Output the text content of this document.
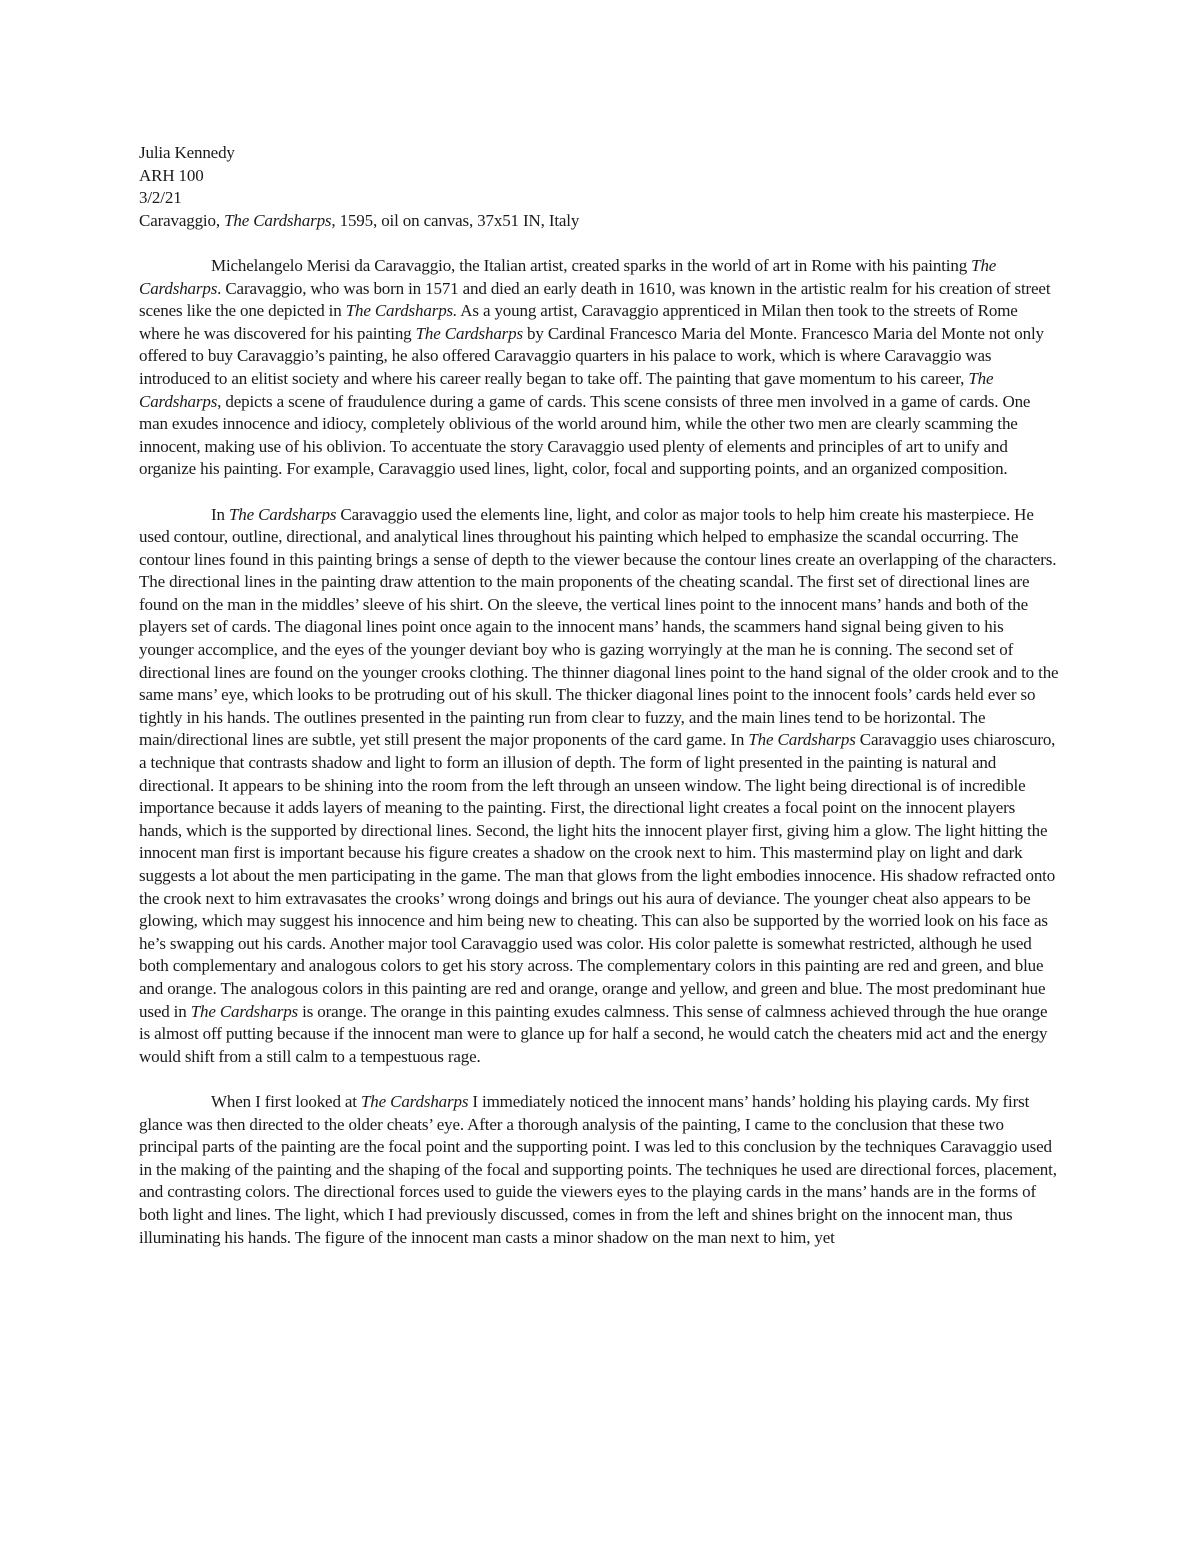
Julia Kennedy

ARH 100

3/2/21

Caravaggio, The Cardsharps, 1595, oil on canvas, 37x51 IN, Italy

Michelangelo Merisi da Caravaggio, the Italian artist, created sparks in the world of art in Rome with his painting The Cardsharps. Caravaggio, who was born in 1571 and died an early death in 1610, was known in the artistic realm for his creation of street scenes like the one depicted in The Cardsharps. As a young artist, Caravaggio apprenticed in Milan then took to the streets of Rome where he was discovered for his painting The Cardsharps by Cardinal Francesco Maria del Monte. Francesco Maria del Monte not only offered to buy Caravaggio’s painting, he also offered Caravaggio quarters in his palace to work, which is where Caravaggio was introduced to an elitist society and where his career really began to take off. The painting that gave momentum to his career, The Cardsharps, depicts a scene of fraudulence during a game of cards. This scene consists of three men involved in a game of cards. One man exudes innocence and idiocy, completely oblivious of the world around him, while the other two men are clearly scamming the innocent, making use of his oblivion. To accentuate the story Caravaggio used plenty of elements and principles of art to unify and organize his painting. For example, Caravaggio used lines, light, color, focal and supporting points, and an organized composition.

In The Cardsharps Caravaggio used the elements line, light, and color as major tools to help him create his masterpiece. He used contour, outline, directional, and analytical lines throughout his painting which helped to emphasize the scandal occurring. The contour lines found in this painting brings a sense of depth to the viewer because the contour lines create an overlapping of the characters. The directional lines in the painting draw attention to the main proponents of the cheating scandal. The first set of directional lines are found on the man in the middles’ sleeve of his shirt. On the sleeve, the vertical lines point to the innocent mans’ hands and both of the players set of cards. The diagonal lines point once again to the innocent mans’ hands, the scammers hand signal being given to his younger accomplice, and the eyes of the younger deviant boy who is gazing worryingly at the man he is conning. The second set of directional lines are found on the younger crooks clothing. The thinner diagonal lines point to the hand signal of the older crook and to the same mans’ eye, which looks to be protruding out of his skull. The thicker diagonal lines point to the innocent fools’ cards held ever so tightly in his hands. The outlines presented in the painting run from clear to fuzzy, and the main lines tend to be horizontal. The main/directional lines are subtle, yet still present the major proponents of the card game. In The Cardsharps Caravaggio uses chiaroscuro, a technique that contrasts shadow and light to form an illusion of depth. The form of light presented in the painting is natural and directional. It appears to be shining into the room from the left through an unseen window. The light being directional is of incredible importance because it adds layers of meaning to the painting. First, the directional light creates a focal point on the innocent players hands, which is the supported by directional lines. Second, the light hits the innocent player first, giving him a glow. The light hitting the innocent man first is important because his figure creates a shadow on the crook next to him. This mastermind play on light and dark suggests a lot about the men participating in the game. The man that glows from the light embodies innocence. His shadow refracted onto the crook next to him extravasates the crooks’ wrong doings and brings out his aura of deviance. The younger cheat also appears to be glowing, which may suggest his innocence and him being new to cheating. This can also be supported by the worried look on his face as he’s swapping out his cards. Another major tool Caravaggio used was color. His color palette is somewhat restricted, although he used both complementary and analogous colors to get his story across. The complementary colors in this painting are red and green, and blue and orange. The analogous colors in this painting are red and orange, orange and yellow, and green and blue. The most predominant hue used in The Cardsharps is orange. The orange in this painting exudes calmness. This sense of calmness achieved through the hue orange is almost off putting because if the innocent man were to glance up for half a second, he would catch the cheaters mid act and the energy would shift from a still calm to a tempestuous rage.

When I first looked at The Cardsharps I immediately noticed the innocent mans’ hands’ holding his playing cards. My first glance was then directed to the older cheats’ eye. After a thorough analysis of the painting, I came to the conclusion that these two principal parts of the painting are the focal point and the supporting point. I was led to this conclusion by the techniques Caravaggio used in the making of the painting and the shaping of the focal and supporting points. The techniques he used are directional forces, placement, and contrasting colors. The directional forces used to guide the viewers eyes to the playing cards in the mans’ hands are in the forms of both light and lines. The light, which I had previously discussed, comes in from the left and shines bright on the innocent man, thus illuminating his hands. The figure of the innocent man casts a minor shadow on the man next to him, yet
